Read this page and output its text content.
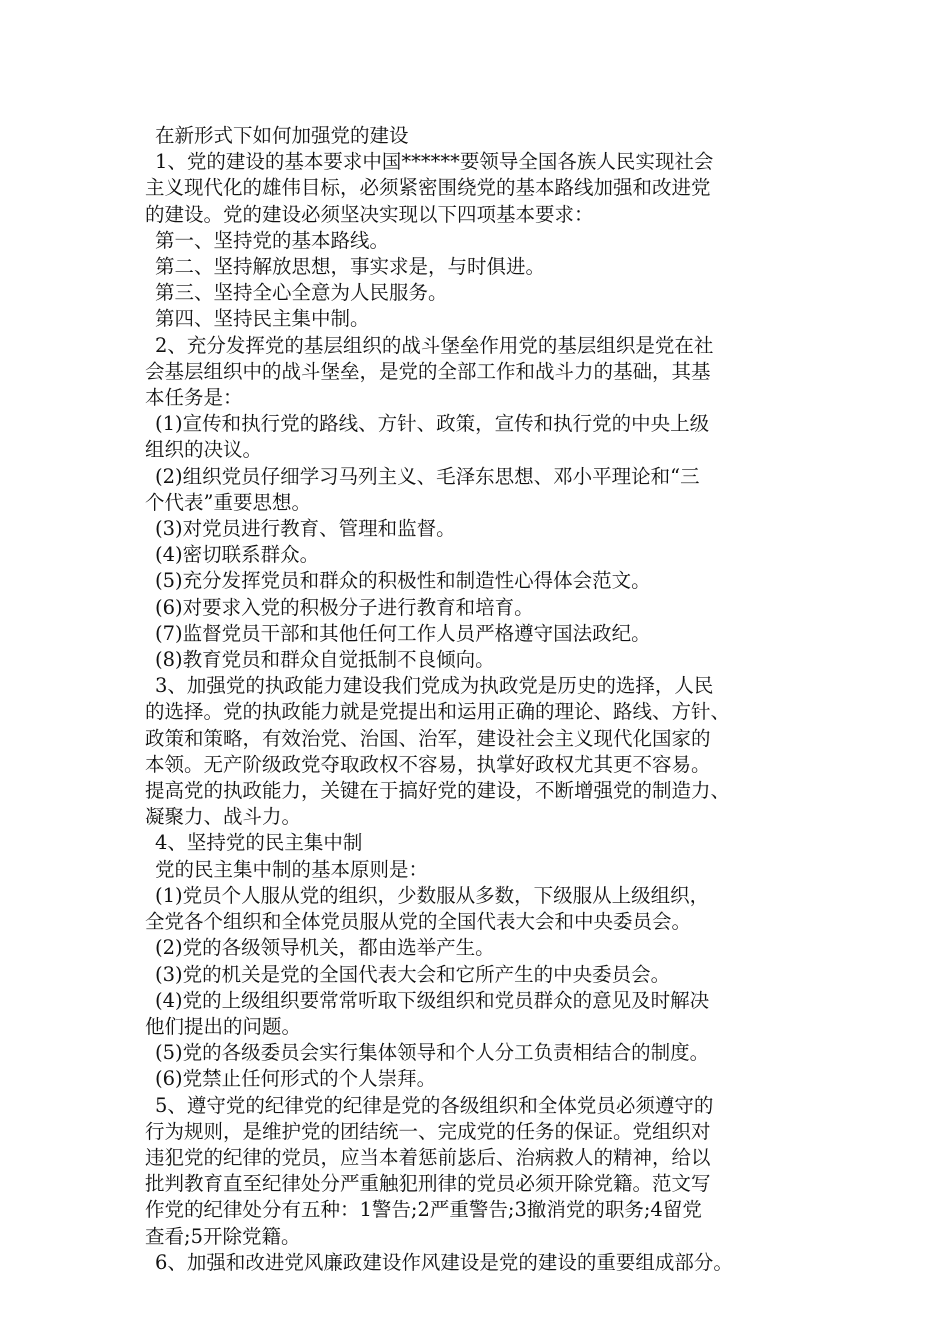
在新形式下如何加强党的建设
1、党的建设的基本要求中国******要领导全国各族人民实现社会
主义现代化的雄伟目标，必须紧密围绕党的基本路线加强和改进党
的建设。党的建设必须坚决实现以下四项基本要求：
第一、坚持党的基本路线。
第二、坚持解放思想，事实求是，与时俱进。
第三、坚持全心全意为人民服务。
第四、坚持民主集中制。
2、充分发挥党的基层组织的战斗堡垒作用党的基层组织是党在社
会基层组织中的战斗堡垒，是党的全部工作和战斗力的基础，其基
本任务是：
(1)宣传和执行党的路线、方针、政策，宣传和执行党的中央上级
组织的决议。
(2)组织党员仔细学习马列主义、毛泽东思想、邓小平理论和“三
个代表”重要思想。
(3)对党员进行教育、管理和监督。
(4)密切联系群众。
(5)充分发挥党员和群众的积极性和制造性心得体会范文。
(6)对要求入党的积极分子进行教育和培育。
(7)监督党员干部和其他任何工作人员严格遵守国法政纪。
(8)教育党员和群众自觉抵制不良倾向。
3、加强党的执政能力建设我们党成为执政党是历史的选择，人民
的选择。党的执政能力就是党提出和运用正确的理论、路线、方针、
政策和策略，有效治党、治国、治军，建设社会主义现代化国家的
本领。无产阶级政党夺取政权不容易，执掌好政权尤其更不容易。
提高党的执政能力，关键在于搞好党的建设，不断增强党的制造力、
凝聚力、战斗力。
4、坚持党的民主集中制
党的民主集中制的基本原则是：
(1)党员个人服从党的组织，少数服从多数，下级服从上级组织，
全党各个组织和全体党员服从党的全国代表大会和中央委员会。
(2)党的各级领导机关，都由选举产生。
(3)党的机关是党的全国代表大会和它所产生的中央委员会。
(4)党的上级组织要常常听取下级组织和党员群众的意见及时解决
他们提出的问题。
(5)党的各级委员会实行集体领导和个人分工负责相结合的制度。
(6)党禁止任何形式的个人崇拜。
5、遵守党的纪律党的纪律是党的各级组织和全体党员必须遵守的
行为规则，是维护党的团结统一、完成党的任务的保证。党组织对
违犯党的纪律的党员，应当本着惩前毖后、治病救人的精神，给以
批判教育直至纪律处分严重触犯刑律的党员必须开除党籍。范文写
作党的纪律处分有五种：1警告;2严重警告;3撤消党的职务;4留党
查看;5开除党籍。
6、加强和改进党风廉政建设作风建设是党的建设的重要组成部分。
